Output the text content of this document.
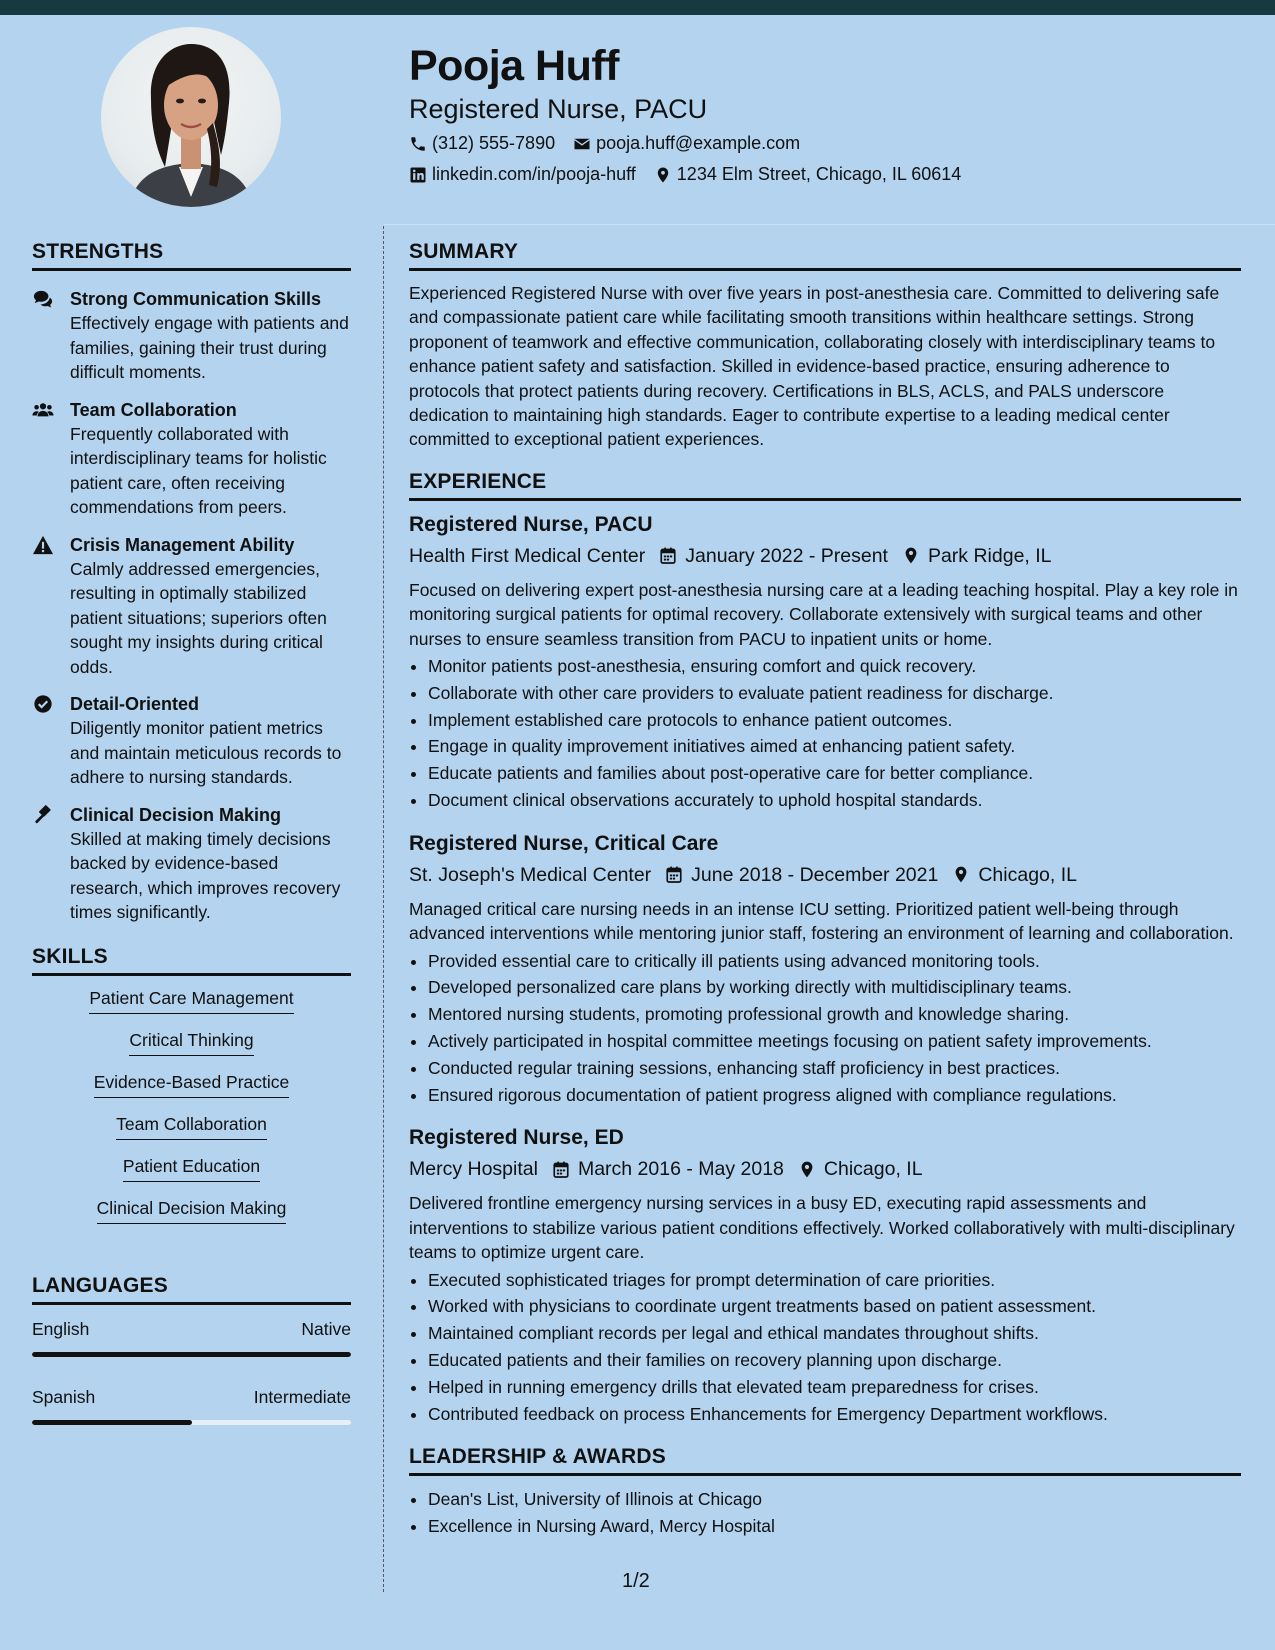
Pooja Huff
Registered Nurse, PACU
(312) 555-7890 pooja.huff@example.com
linkedin.com/in/pooja-huff 1234 Elm Street, Chicago, IL 60614
STRENGTHS
Strong Communication Skills
Effectively engage with patients and families, gaining their trust during difficult moments.
Team Collaboration
Frequently collaborated with interdisciplinary teams for holistic patient care, often receiving commendations from peers.
Crisis Management Ability
Calmly addressed emergencies, resulting in optimally stabilized patient situations; superiors often sought my insights during critical odds.
Detail-Oriented
Diligently monitor patient metrics and maintain meticulous records to adhere to nursing standards.
Clinical Decision Making
Skilled at making timely decisions backed by evidence-based research, which improves recovery times significantly.
SKILLS
Patient Care Management
Critical Thinking
Evidence-Based Practice
Team Collaboration
Patient Education
Clinical Decision Making
LANGUAGES
English	Native
Spanish	Intermediate
SUMMARY
Experienced Registered Nurse with over five years in post-anesthesia care. Committed to delivering safe and compassionate patient care while facilitating smooth transitions within healthcare settings. Strong proponent of teamwork and effective communication, collaborating closely with interdisciplinary teams to enhance patient safety and satisfaction. Skilled in evidence-based practice, ensuring adherence to protocols that protect patients during recovery. Certifications in BLS, ACLS, and PALS underscore dedication to maintaining high standards. Eager to contribute expertise to a leading medical center committed to exceptional patient experiences.
EXPERIENCE
Registered Nurse, PACU
Health First Medical Center January 2022 - Present Park Ridge, IL
Focused on delivering expert post-anesthesia nursing care at a leading teaching hospital. Play a key role in monitoring surgical patients for optimal recovery. Collaborate extensively with surgical teams and other nurses to ensure seamless transition from PACU to inpatient units or home.
• Monitor patients post-anesthesia, ensuring comfort and quick recovery.
• Collaborate with other care providers to evaluate patient readiness for discharge.
• Implement established care protocols to enhance patient outcomes.
• Engage in quality improvement initiatives aimed at enhancing patient safety.
• Educate patients and families about post-operative care for better compliance.
• Document clinical observations accurately to uphold hospital standards.
Registered Nurse, Critical Care
St. Joseph's Medical Center June 2018 - December 2021 Chicago, IL
Managed critical care nursing needs in an intense ICU setting. Prioritized patient well-being through advanced interventions while mentoring junior staff, fostering an environment of learning and collaboration.
• Provided essential care to critically ill patients using advanced monitoring tools.
• Developed personalized care plans by working directly with multidisciplinary teams.
• Mentored nursing students, promoting professional growth and knowledge sharing.
• Actively participated in hospital committee meetings focusing on patient safety improvements.
• Conducted regular training sessions, enhancing staff proficiency in best practices.
• Ensured rigorous documentation of patient progress aligned with compliance regulations.
Registered Nurse, ED
Mercy Hospital March 2016 - May 2018 Chicago, IL
Delivered frontline emergency nursing services in a busy ED, executing rapid assessments and interventions to stabilize various patient conditions effectively. Worked collaboratively with multi-disciplinary teams to optimize urgent care.
• Executed sophisticated triages for prompt determination of care priorities.
• Worked with physicians to coordinate urgent treatments based on patient assessment.
• Maintained compliant records per legal and ethical mandates throughout shifts.
• Educated patients and their families on recovery planning upon discharge.
• Helped in running emergency drills that elevated team preparedness for crises.
• Contributed feedback on process Enhancements for Emergency Department workflows.
LEADERSHIP & AWARDS
• Dean's List, University of Illinois at Chicago
• Excellence in Nursing Award, Mercy Hospital
1/2
